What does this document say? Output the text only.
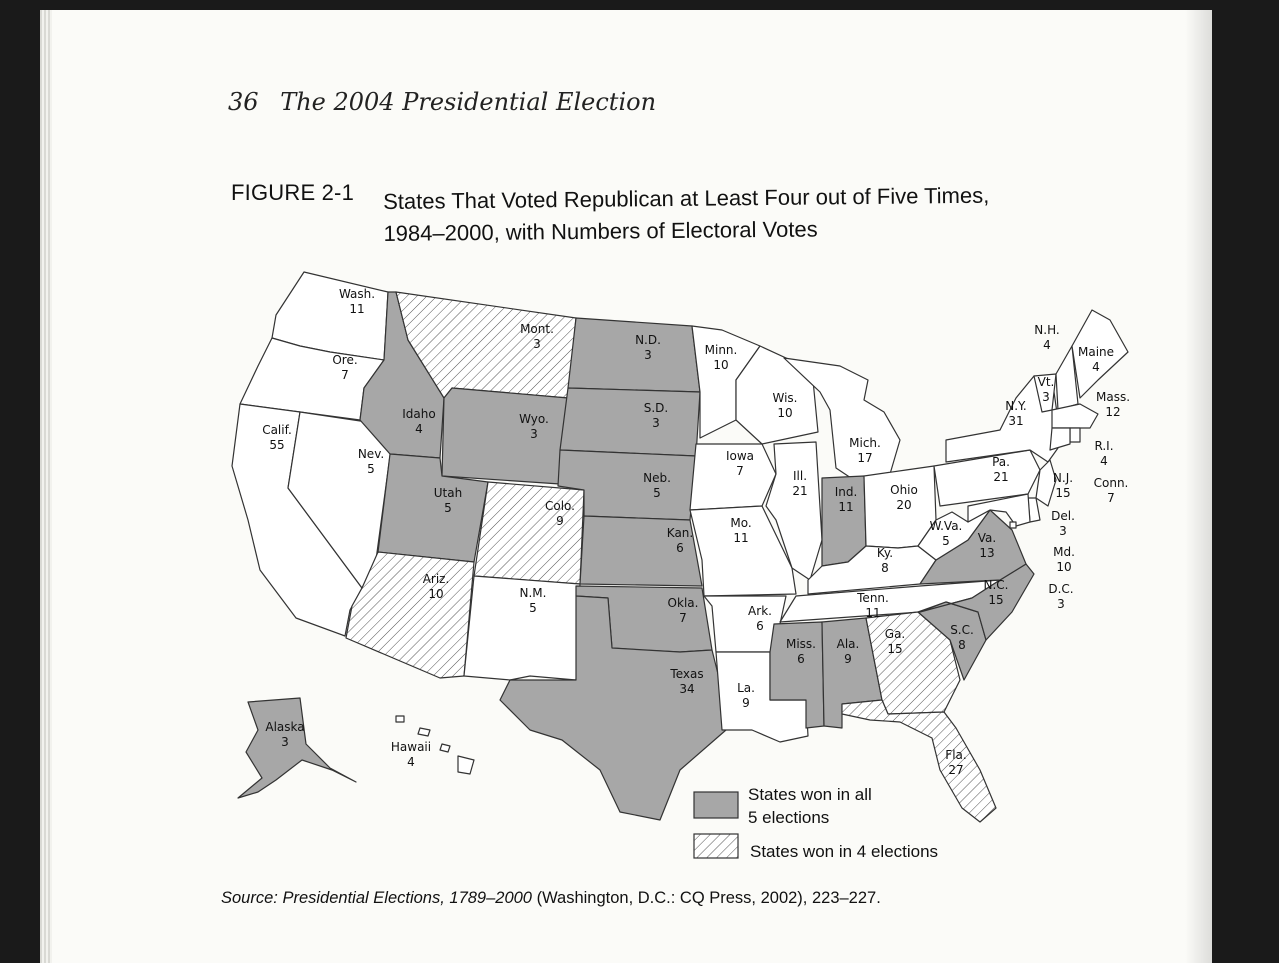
36 The 2004 Presidential Election
FIGURE 2-1 States That Voted Republican at Least Four out of Five Times,
1984–2000, with Numbers of Electoral Votes
Wash.
11
Ore.
7
Calif.
55
Nev.
5
Idaho
4
Mont.
3
Wyo.
3
Utah
5	Colo.
9
Ariz.
10	N.M.
5
N.D.
3
S.D.
3
Neb.
5
Kan.
6
Okla.
7
Texas
34
Minn.
10
Iowa
7
Mo.
11
Ark.
6
La.
9
Wis.
10
Ill.
21
Mich.
17
Ind.
11
Ohio
20
Ky.
8
Tenn.
11
Miss.
6
Ala.
9
Ga.
15
Fla.
27
S.C.
8
N.C.
15
Va.
13
W.Va.
5
Pa.
21
N.Y.
31
Vt.
3
N.H.
4 Maine
4
Mass.
12
R.I.
4
Conn.
7
N.J.
15
Del.
3
Md.
10
D.C.
3
Alaska
3	Hawaii
4
States won in all
5 elections
States won in 4 elections
Source: Presidential Elections, 1789–2000 (Washington, D.C.: CQ Press, 2002), 223–227.
